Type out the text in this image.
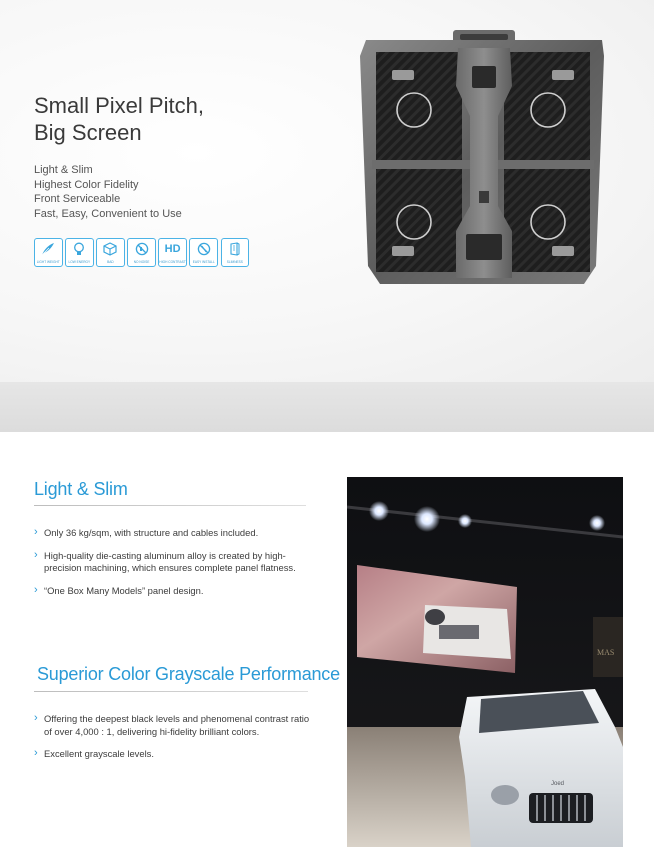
Small Pixel Pitch,
Big Screen
Light & Slim
Highest Color Fidelity
Front Serviceable
Fast, Easy, Convenient to Use
LIGHT WEIGHT	LOW ENERGY	BAD	NO NOISE
HD
HIGH CONTRAST	EASY INSTALL	SLIMNESS
Light & Slim
› Only 36 kg/sqm, with structure and cables included.
› High-quality die-casting aluminum alloy is created by high-precision machining, which ensures complete panel flatness.
› “One Box Many Models” panel design.
Superior Color Grayscale Performance
› Offering the deepest black levels and phenomenal contrast ratio of over 4,000 : 1, delivering hi-fidelity brilliant colors.
› Excellent grayscale levels.
MAS
Joed
